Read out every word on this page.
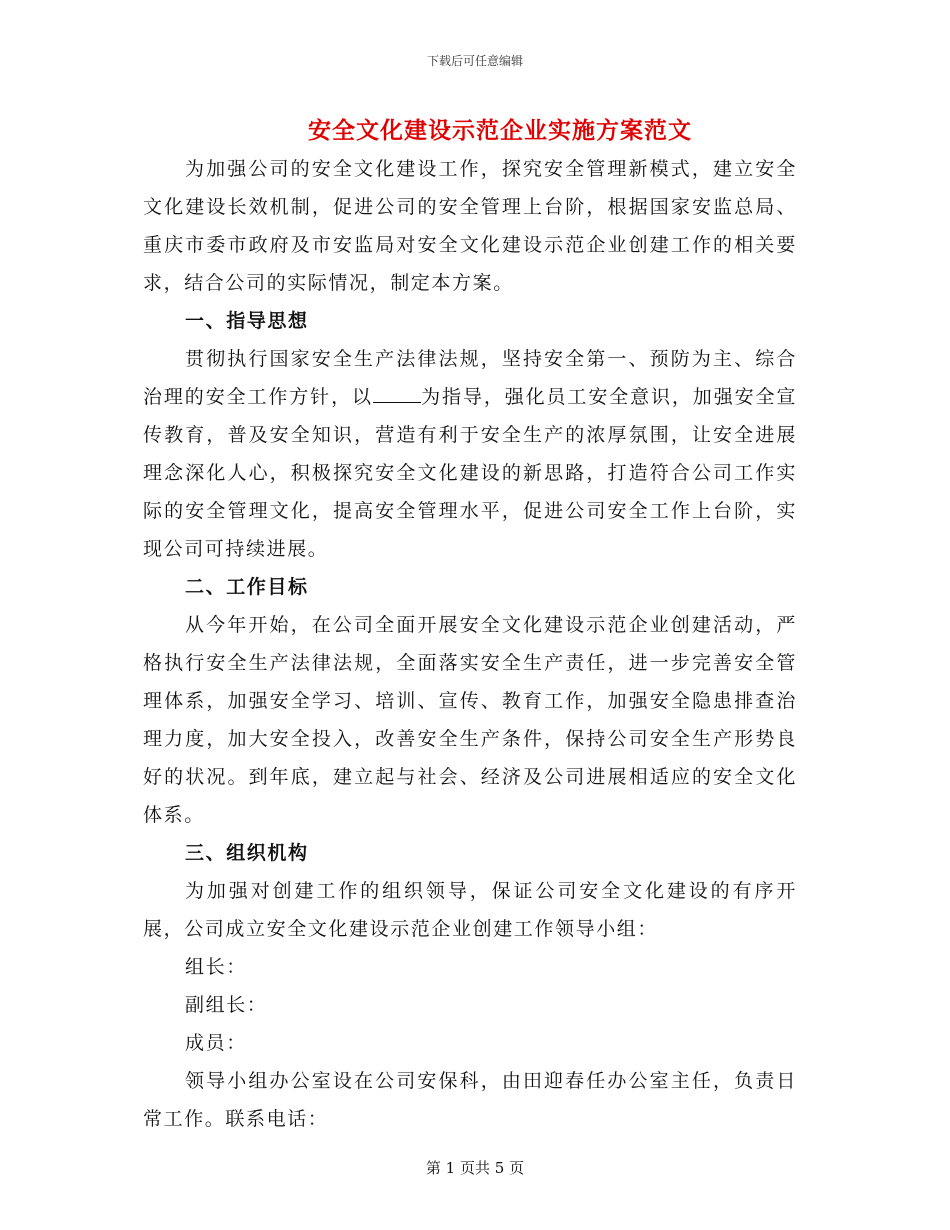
下载后可任意编辑
安全文化建设示范企业实施方案范文

为加强公司的安全文化建设工作，探究安全管理新模式，建立安全文化建设长效机制，促进公司的安全管理上台阶，根据国家安监总局、重庆市委市政府及市安监局对安全文化建设示范企业创建工作的相关要求，结合公司的实际情况，制定本方案。

一、指导思想

贯彻执行国家安全生产法律法规，坚持安全第一、预防为主、综合治理的安全工作方针，以	为指导，强化员工安全意识，加强安全宣传教育，普及安全知识，营造有利于安全生产的浓厚氛围，让安全进展理念深化人心，积极探究安全文化建设的新思路，打造符合公司工作实际的安全管理文化，提高安全管理水平，促进公司安全工作上台阶，实现公司可持续进展。

二、工作目标

从今年开始，在公司全面开展安全文化建设示范企业创建活动，严格执行安全生产法律法规，全面落实安全生产责任，进一步完善安全管理体系，加强安全学习、培训、宣传、教育工作，加强安全隐患排查治理力度，加大安全投入，改善安全生产条件，保持公司安全生产形势良好的状况。到年底，建立起与社会、经济及公司进展相适应的安全文化体系。

三、组织机构

为加强对创建工作的组织领导，保证公司安全文化建设的有序开展，公司成立安全文化建设示范企业创建工作领导小组：

组长：

副组长：

成员：

领导小组办公室设在公司安保科，由田迎春任办公室主任，负责日常工作。联系电话：

第 1 页共 5 页
